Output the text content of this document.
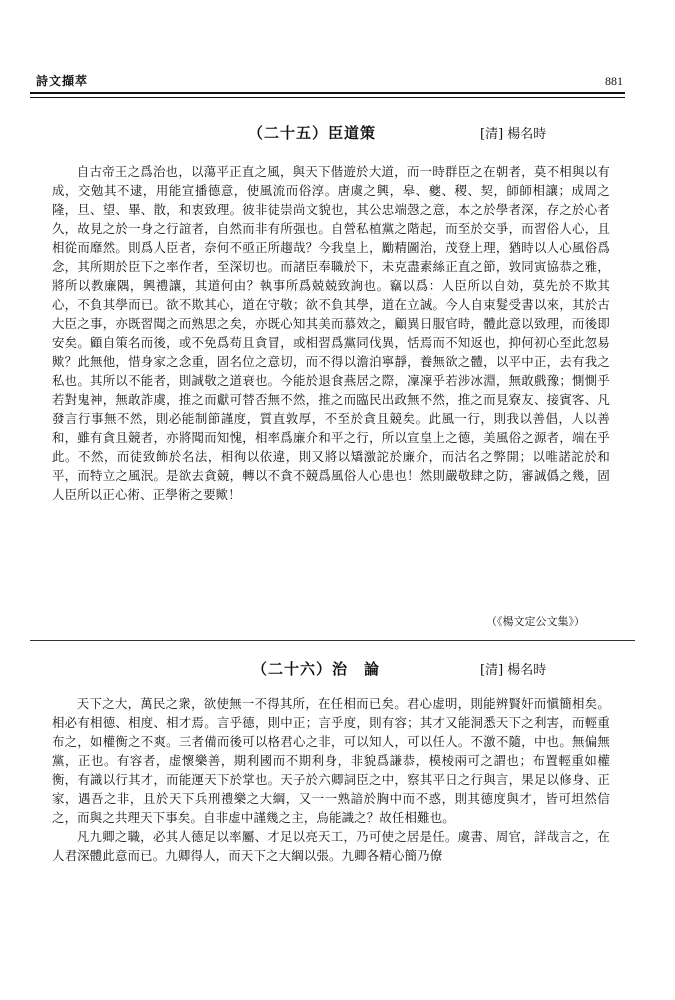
詩文擷萃	881
（二十五）臣道策	[清] 楊名時

自古帝王之爲治也，以蕩平正直之風，與天下偕遊於大道，而一時群臣之在朝者，莫不相與以有成，交勉其不逮，用能宣播德意，使風流而俗淳。唐虞之興，皋、夔、稷、契，師師相讓；成周之隆，旦、望、畢、散，和衷致理。彼非徒崇尚文貌也，其公忠端愨之意，本之於學者深，存之於心者久，故見之於一身之行誼者，自然而非有所强也。自營私植黨之階起，而至於交爭，而習俗人心，且相從而靡然。則爲人臣者，奈何不亟正所趨哉？今我皇上，勵精圖治，茂登上理，猶時以人心風俗爲念，其所期於臣下之率作者，至深切也。而諸臣奉職於下，未克盡素絲正直之節，敦同寅協恭之雅，將所以教廉隅，興禮讓，其道何由？執事所爲兢兢致詢也。竊以爲：人臣所以自効，莫先於不欺其心，不負其學而已。欲不欺其心，道在守敬；欲不負其學，道在立誠。今人自束髮受書以來，其於古大臣之事，亦既習聞之而熟思之矣，亦既心知其美而慕效之，顧異日服官時，體此意以致理，而後即安矣。顧自策名而後，或不免爲苟且貪冒，或相習爲黨同伐異，恬焉而不知返也，抑何初心至此忽易歟？此無他，惜身家之念重，固名位之意切，而不得以澹泊寧靜，養無欲之體，以平中正，去有我之私也。其所以不能者，則誠敬之道衰也。今能於退食燕居之際，凜凜乎若涉冰淵，無敢戲豫；惻惻乎若對鬼神，無敢詐虞，推之而獻可替否無不然，推之而臨民出政無不然，推之而見寮友、接賓客、凡發言行事無不然，則必能制節謹度，質直敦厚，不至於貪且競矣。此風一行，則我以善倡，人以善和，雖有貪且競者，亦將聞而知愧，相率爲廉介和平之行，所以宣皇上之德，美風俗之源者，端在乎此。不然，而徒致飾於名法，相徇以依違，則又將以矯激詑於廉介，而沽名之弊開；以唯諾詑於和平，而特立之風泯。是欲去貪競，轉以不貪不競爲風俗人心患也！然則嚴敬肆之防，審誠僞之幾，固人臣所以正心術、正學術之要歟！

（《楊文定公文集》）
（二十六）治　論	[清] 楊名時

天下之大，萬民之衆，欲使無一不得其所，在任相而已矣。君心虚明，則能辨賢奸而愼簡相矣。相必有相德、相度、相才焉。言乎德，則中正；言乎度，則有容；其才又能洞悉天下之利害，而輕重布之，如權衡之不爽。三者備而後可以格君心之非，可以知人，可以任人。不激不隨，中也。無偏無黨，正也。有容者，虚懷樂善，期利國而不期利身，非貌爲謙恭，模棱兩可之謂也；布置輕重如權衡，有識以行其才，而能運天下於掌也。天子於六卿詞臣之中，察其平日之行與言，果足以修身、正家，遇吾之非，且於天下兵刑禮樂之大綱，又一一熟諳於胸中而不惑，則其德度與才，皆可坦然信之，而與之共理天下事矣。自非虚中謹幾之主，烏能識之？故任相難也。

凡九卿之職，必其人德足以率屬、才足以亮天工，乃可使之居是任。虞書、周官，詳哉言之，在人君深體此意而已。九卿得人，而天下之大綱以張。九卿各精心簡乃僚
